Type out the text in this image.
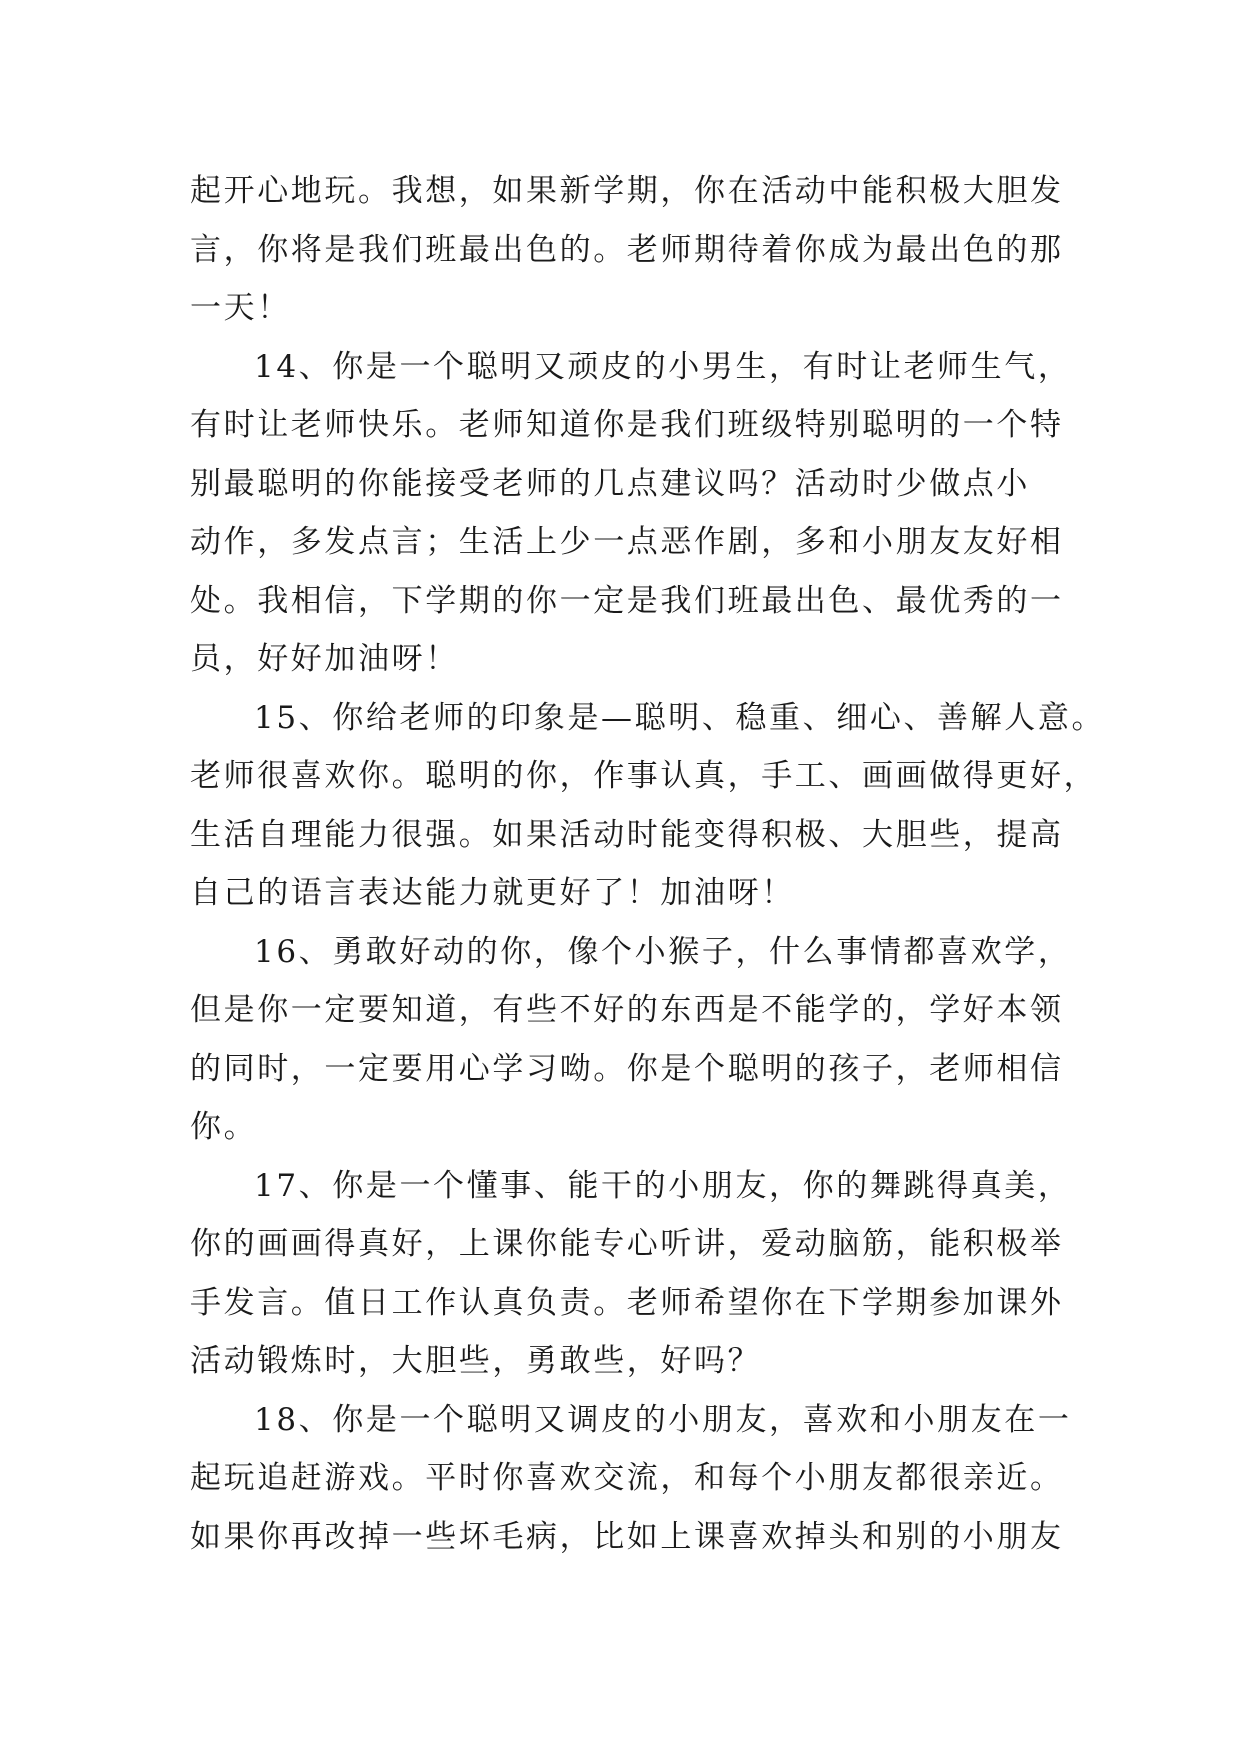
起开心地玩。我想，如果新学期，你在活动中能积极大胆发
言，你将是我们班最出色的。老师期待着你成为最出色的那
一天！
14、你是一个聪明又顽皮的小男生，有时让老师生气，
有时让老师快乐。老师知道你是我们班级特别聪明的一个特
别最聪明的你能接受老师的几点建议吗？活动时少做点小
动作，多发点言；生活上少一点恶作剧，多和小朋友友好相
处。我相信，下学期的你一定是我们班最出色、最优秀的一
员，好好加油呀！
15、你给老师的印象是—聪明、稳重、细心、善解人意。
老师很喜欢你。聪明的你，作事认真，手工、画画做得更好，
生活自理能力很强。如果活动时能变得积极、大胆些，提高
自己的语言表达能力就更好了！加油呀！
16、勇敢好动的你，像个小猴子，什么事情都喜欢学，
但是你一定要知道，有些不好的东西是不能学的，学好本领
的同时，一定要用心学习呦。你是个聪明的孩子，老师相信
你。
17、你是一个懂事、能干的小朋友，你的舞跳得真美，
你的画画得真好，上课你能专心听讲，爱动脑筋，能积极举
手发言。值日工作认真负责。老师希望你在下学期参加课外
活动锻炼时，大胆些，勇敢些，好吗？
18、你是一个聪明又调皮的小朋友，喜欢和小朋友在一
起玩追赶游戏。平时你喜欢交流，和每个小朋友都很亲近。
如果你再改掉一些坏毛病，比如上课喜欢掉头和别的小朋友
